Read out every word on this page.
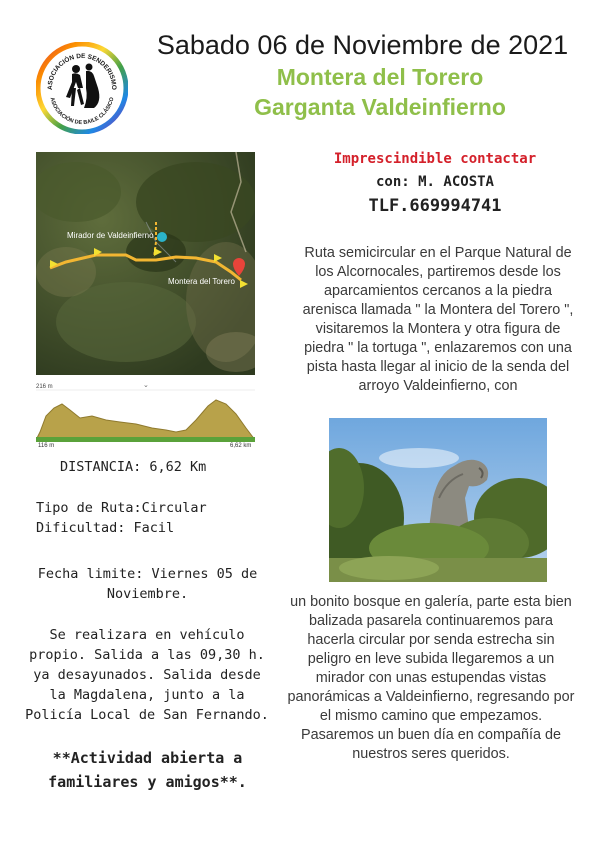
ASOCIACIÓN DE SENDERISMO
ASOCIACIÓN DE BAILE CLÁSICO
Sabado 06 de Noviembre de 2021
Montera del Torero
Garganta Valdeinfierno
Mirador de Valdeinfierno
Montera del Torero
216 m	⌄
116 m	6,62 km
DISTANCIA: 6,62 Km
Tipo de Ruta:Circular
Dificultad: Facil
Fecha limite: Viernes 05 de Noviembre.
Se realizara en vehículo propio. Salida a las 09,30 h. ya desayunados. Salida desde la Magdalena, junto a la Policía Local de San Fernando.
**Actividad abierta a familiares y amigos**.
Imprescindible contactar
con: M. ACOSTA
TLF.669994741
Ruta semicircular en el Parque Natural de los Alcornocales, partiremos desde los aparcamientos cercanos a la piedra arenisca llamada " la Montera del Torero ", visitaremos la Montera y otra figura de piedra " la tortuga ", enlazaremos con una pista hasta llegar al inicio de la senda del arroyo Valdeinfierno, con
un bonito bosque en galería, parte esta bien balizada pasarela continuaremos para hacerla circular por senda estrecha sin peligro en leve subida llegaremos a un mirador con unas estupendas vistas panorámicas a Valdeinfierno, regresando por el mismo camino que empezamos. Pasaremos un buen día en compañía de nuestros seres queridos.
